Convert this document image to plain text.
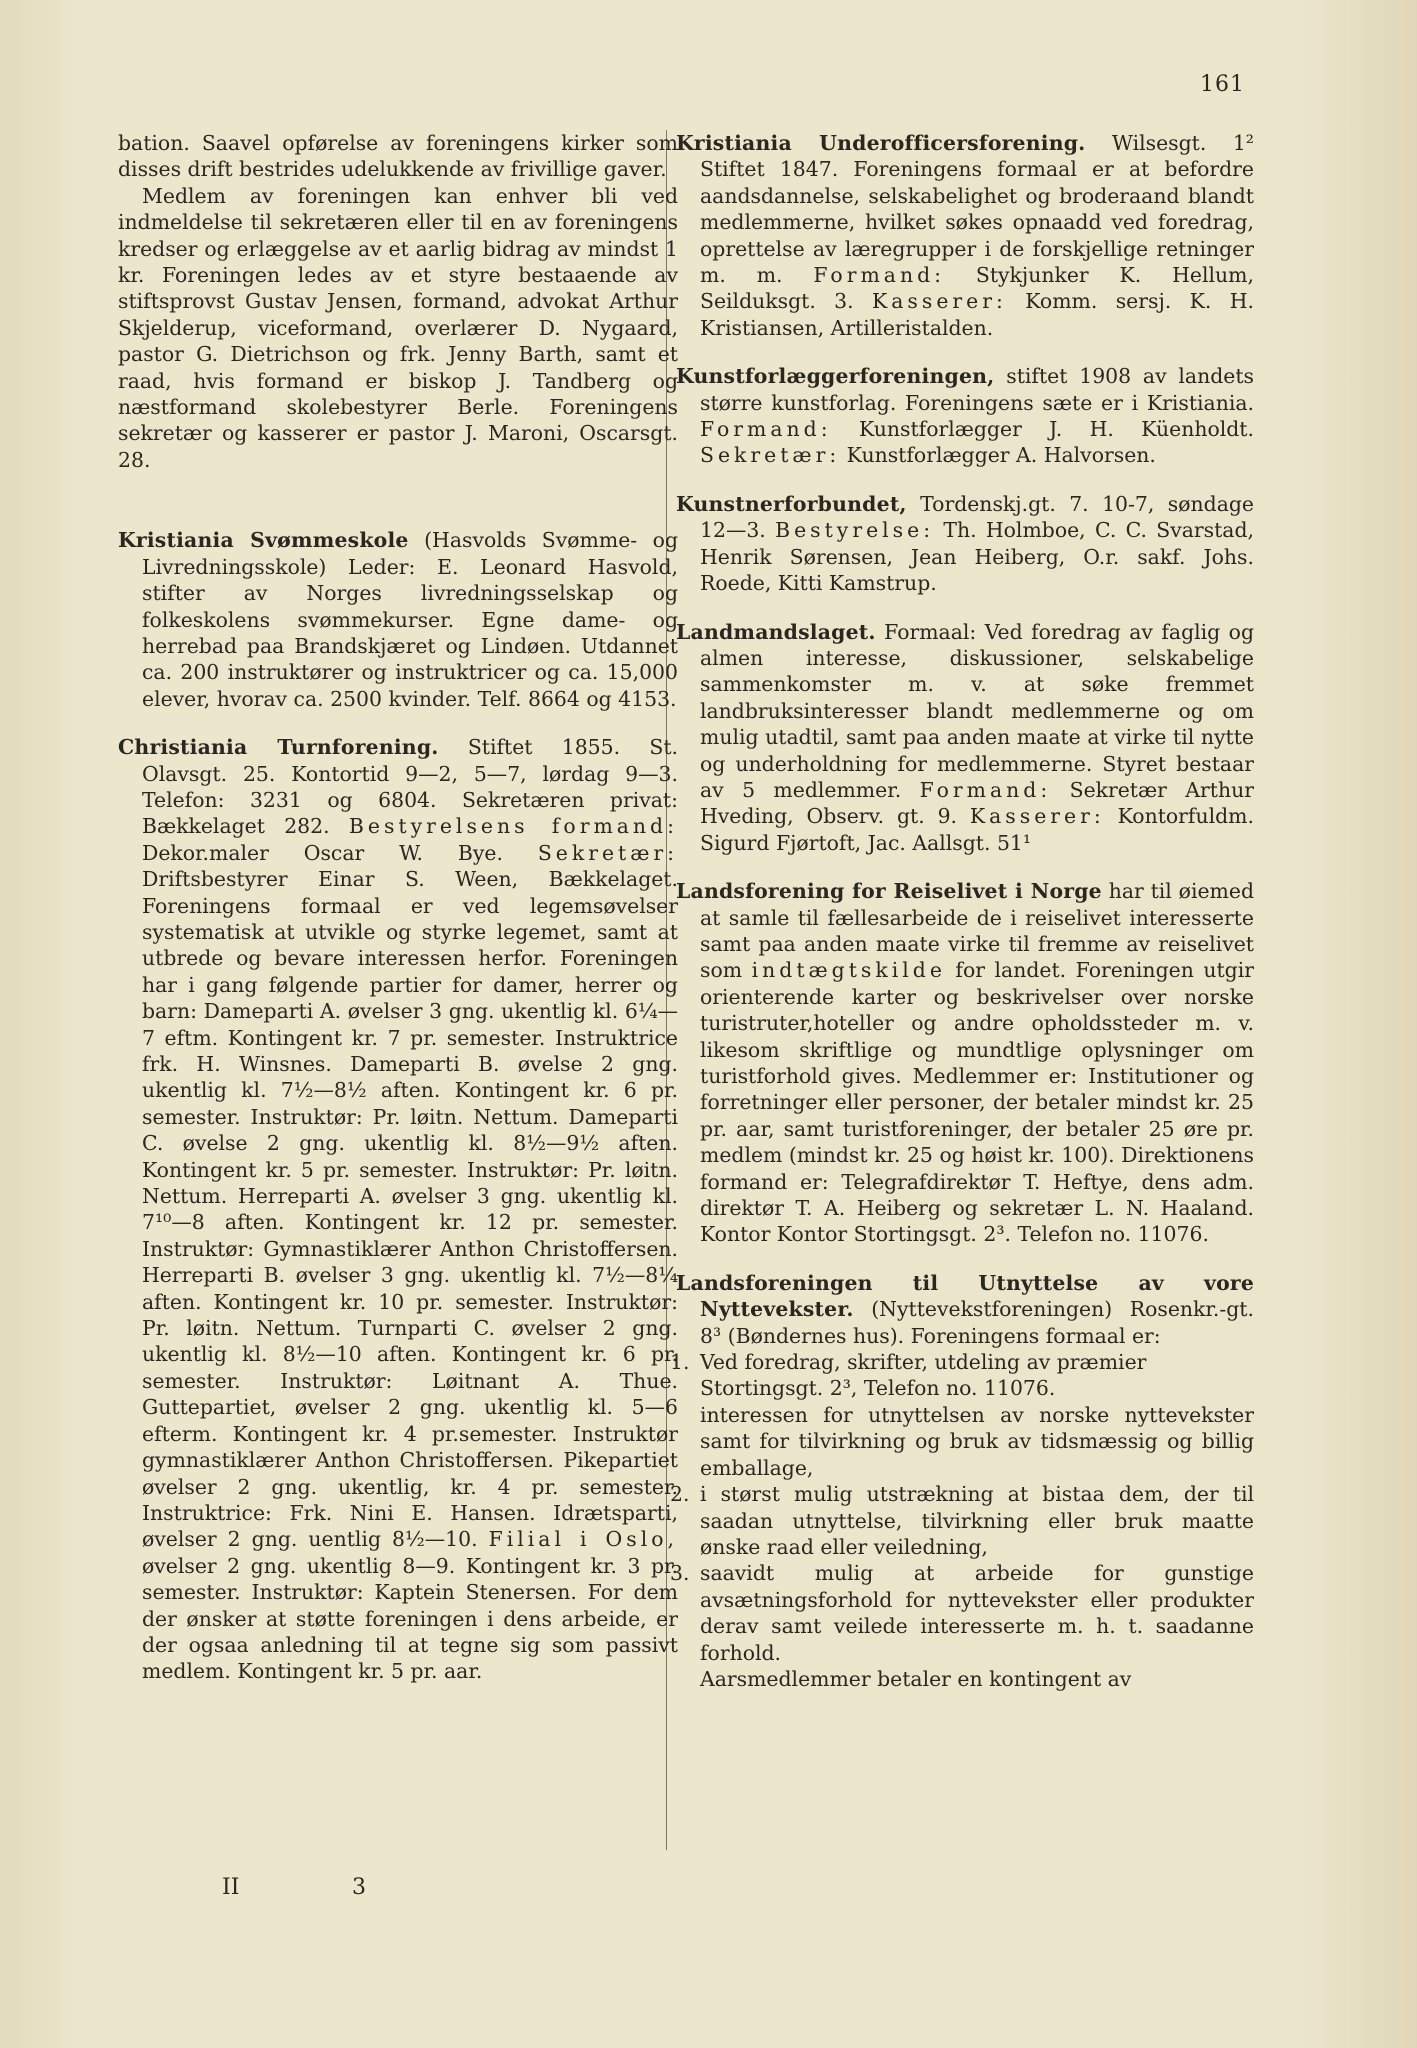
161

bation. Saavel opførelse av foreningens kirker som disses drift bestrides udelukkende av frivillige gaver.

Medlem av foreningen kan enhver bli ved indmeldelse til sekretæren eller til en av foreningens kredser og erlæggelse av et aarlig bidrag av mindst 1 kr. Foreningen ledes av et styre bestaaende av stiftsprovst Gustav Jensen, formand, advokat Arthur Skjelderup, viceformand, overlærer D. Nygaard, pastor G. Dietrichson og frk. Jenny Barth, samt et raad, hvis formand er biskop J. Tandberg og næstformand skolebestyrer Berle. Foreningens sekretær og kasserer er pastor J. Maroni, Oscarsgt. 28.

Kristiania Svømmeskole (Hasvolds Svømme- og Livredningsskole) Leder: E. Leonard Hasvold, stifter av Norges livredningsselskap og folkeskolens svømmekurser. Egne dame- og herrebad paa Brandskjæret og Lindøen. Utdannet ca. 200 instruktører og instruktricer og ca. 15,000 elever, hvorav ca. 2500 kvinder. Telf. 8664 og 4153.

Christiania Turnforening. Stiftet 1855. St. Olavsgt. 25. Kontortid 9—2, 5—7, lørdag 9—3. Telefon: 3231 og 6804. Sekretæren privat: Bækkelaget 282. Bestyrelsens formand: Dekor.maler Oscar W. Bye. Sekretær: Driftsbestyrer Einar S. Ween, Bækkelaget. Foreningens formaal er ved legemsøvelser systematisk at utvikle og styrke legemet, samt at utbrede og bevare interessen herfor. Foreningen har i gang følgende partier for damer, herrer og barn: Dameparti A. øvelser 3 gng. ukentlig kl. 6¼—7 eftm. Kontingent kr. 7 pr. semester. Instruktrice frk. H. Winsnes. Dameparti B. øvelse 2 gng. ukentlig kl. 7½—8½ aften. Kontingent kr. 6 pr. semester. Instruktør: Pr. løitn. Nettum. Dameparti C. øvelse 2 gng. ukentlig kl. 8½—9½ aften. Kontingent kr. 5 pr. semester. Instruktør: Pr. løitn. Nettum. Herreparti A. øvelser 3 gng. ukentlig kl. 7¹⁰—8 aften. Kontingent kr. 12 pr. semester. Instruktør: Gymnastiklærer Anthon Christoffersen. Herreparti B. øvelser 3 gng. ukentlig kl. 7½—8¼ aften. Kontingent kr. 10 pr. semester. Instruktør: Pr. løitn. Nettum. Turnparti C. øvelser 2 gng. ukentlig kl. 8½—10 aften. Kontingent kr. 6 pr. semester. Instruktør: Løitnant A. Thue. Guttepartiet, øvelser 2 gng. ukentlig kl. 5—6 efterm. Kontingent kr. 4 pr.semester. Instruktør gymnastiklærer Anthon Christoffersen. Pikepartiet øvelser 2 gng. ukentlig, kr. 4 pr. semester. Instruktrice: Frk. Nini E. Hansen. Idrætsparti, øvelser 2 gng. uentlig 8½—10. Filial i Oslo, øvelser 2 gng. ukentlig 8—9. Kontingent kr. 3 pr. semester. Instruktør: Kaptein Stenersen. For dem der ønsker at støtte foreningen i dens arbeide, er der ogsaa anledning til at tegne sig som passivt medlem. Kontingent kr. 5 pr. aar.

Kristiania Underofficersforening. Wilsesgt. 1² Stiftet 1847. Foreningens formaal er at befordre aandsdannelse, selskabelighet og broderaand blandt medlemmerne, hvilket søkes opnaadd ved foredrag, oprettelse av læregrupper i de forskjellige retninger m. m. Formand: Stykjunker K. Hellum, Seilduksgt. 3. Kasserer: Komm. sersj. K. H. Kristiansen, Artilleristalden.

Kunstforlæggerforeningen, stiftet 1908 av landets større kunstforlag. Foreningens sæte er i Kristiania. Formand: Kunstforlægger J. H. Küenholdt. Sekretær: Kunstforlægger A. Halvorsen.

Kunstnerforbundet, Tordenskj.gt. 7. 10-7, søndage 12—3. Bestyrelse: Th. Holmboe, C. C. Svarstad, Henrik Sørensen, Jean Heiberg, O.r. sakf. Johs. Roede, Kitti Kamstrup.

Landmandslaget. Formaal: Ved foredrag av faglig og almen interesse, diskussioner, selskabelige sammenkomster m. v. at søke fremmet landbruksinteresser blandt medlemmerne og om mulig utadtil, samt paa anden maate at virke til nytte og underholdning for medlemmerne. Styret bestaar av 5 medlemmer. Formand: Sekretær Arthur Hveding, Observ. gt. 9. Kasserer: Kontorfuldm. Sigurd Fjørtoft, Jac. Aallsgt. 51¹

Landsforening for Reiselivet i Norge har til øiemed at samle til fællesarbeide de i reiselivet interesserte samt paa anden maate virke til fremme av reiselivet som indtægtskilde for landet. Foreningen utgir orienterende karter og beskrivelser over norske turistruter,hoteller og andre opholdssteder m. v. likesom skriftlige og mundtlige oplysninger om turistforhold gives. Medlemmer er: Institutioner og forretninger eller personer, der betaler mindst kr. 25 pr. aar, samt turistforeninger, der betaler 25 øre pr. medlem (mindst kr. 25 og høist kr. 100). Direktionens formand er: Telegrafdirektør T. Heftye, dens adm. direktør T. A. Heiberg og sekretær L. N. Haaland. Kontor Kontor Stortingsgt. 2³. Telefon no. 11076.

Landsforeningen til Utnyttelse av vore Nyttevekster. (Nyttevekstforeningen) Rosenkr.-gt. 8³ (Bøndernes hus). Foreningens formaal er:

1. Ved foredrag, skrifter, utdeling av præmier
Stortingsgt. 2³, Telefon no. 11076.
interessen for utnyttelsen av norske nyttevekster samt for tilvirkning og bruk av tidsmæssig og billig emballage,
2. i størst mulig utstrækning at bistaa dem, der til saadan utnyttelse, tilvirkning eller bruk maatte ønske raad eller veiledning,
3. saavidt mulig at arbeide for gunstige avsætningsforhold for nyttevekster eller produkter derav samt veilede interesserte m. h. t. saadanne forhold.

Aarsmedlemmer betaler en kontingent av

II	3
